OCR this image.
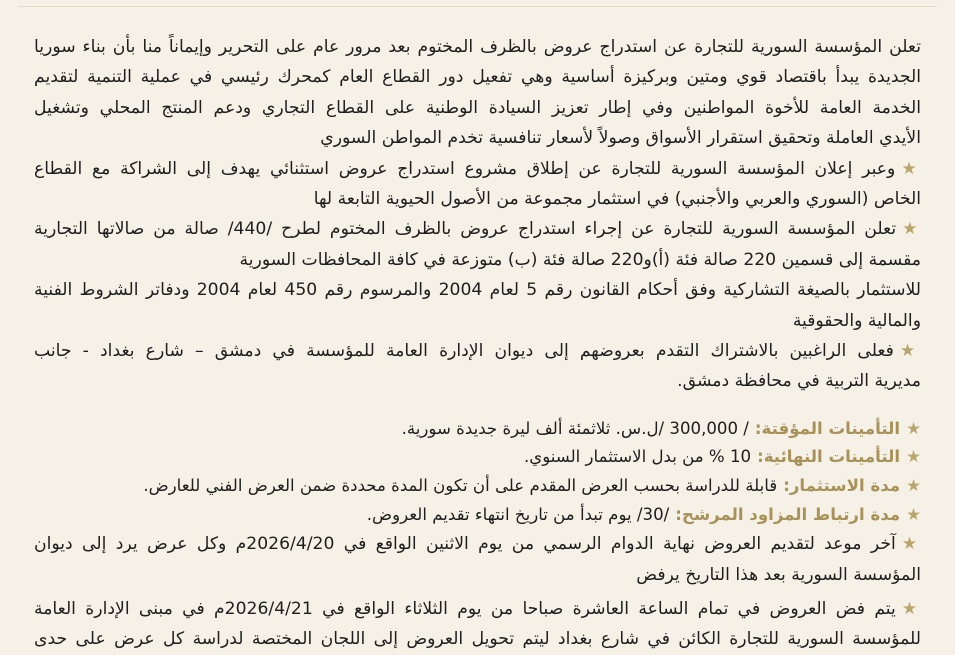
تعلن المؤسسة السورية للتجارة عن استدراج عروض بالظرف المختوم بعد مرور عام على التحرير وإيماناً منا بأن بناء سوريا
الجديدة يبدأ باقتصاد قوي ومتين وبركيزة أساسية وهي تفعيل دور القطاع العام كمحرك رئيسي في عملية التنمية لتقديم
الخدمة العامة للأخوة المواطنين وفي إطار تعزيز السيادة الوطنية على القطاع التجاري ودعم المنتج المحلي وتشغيل
الأيدي العاملة وتحقيق استقرار الأسواق وصولاً لأسعار تنافسية تخدم المواطن السوري

★وعبر إعلان المؤسسة السورية للتجارة عن إطلاق مشروع استدراج عروض استثنائي يهدف إلى الشراكة مع القطاع
الخاص (السوري والعربي والأجنبي) في استثمار مجموعة من الأصول الحيوية التابعة لها

★تعلن المؤسسة السورية للتجارة عن إجراء استدراج عروض بالظرف المختوم لطرح /440/ صالة من صالاتها التجارية
مقسمة إلى قسمين 220 صالة فئة (أ)و220 صالة فئة (ب) متوزعة في كافة المحافظات السورية
للاستثمار بالصيغة التشاركية وفق أحكام القانون رقم 5 لعام 2004 والمرسوم رقم 450 لعام 2004 ودفاتر الشروط الفنية
والمالية والحقوقية

★فعلى الراغبين بالاشتراك التقدم بعروضهم إلى ديوان الإدارة العامة للمؤسسة في دمشق – شارع بغداد - جانب
مديرية التربية في محافظة دمشق.

★التأمينات المؤقتة:/ 300,000 /ل.س. ثلاثمئة ألف ليرة جديدة سورية.
★التأمينات النهائية:10 % من بدل الاستثمار السنوي.
★مدة الاستثمار:قابلة للدراسة بحسب العرض المقدم على أن تكون المدة محددة ضمن العرض الفني للعارض.
★مدة ارتباط المزاود المرشح:/30/ يوم تبدأ من تاريخ انتهاء تقديم العروض.

★آخر موعد لتقديم العروض نهاية الدوام الرسمي من يوم الاثنين الواقع في 2026/4/20م وكل عرض يرد إلى ديوان
المؤسسة السورية بعد هذا التاريخ يرفض

★يتم فض العروض في تمام الساعة العاشرة صباحا من يوم الثلاثاء الواقع في 2026/4/21م في مبنى الإدارة العامة
للمؤسسة السورية للتجارة الكائن في شارع بغداد ليتم تحويل العروض إلى اللجان المختصة لدراسة كل عرض على حدى
